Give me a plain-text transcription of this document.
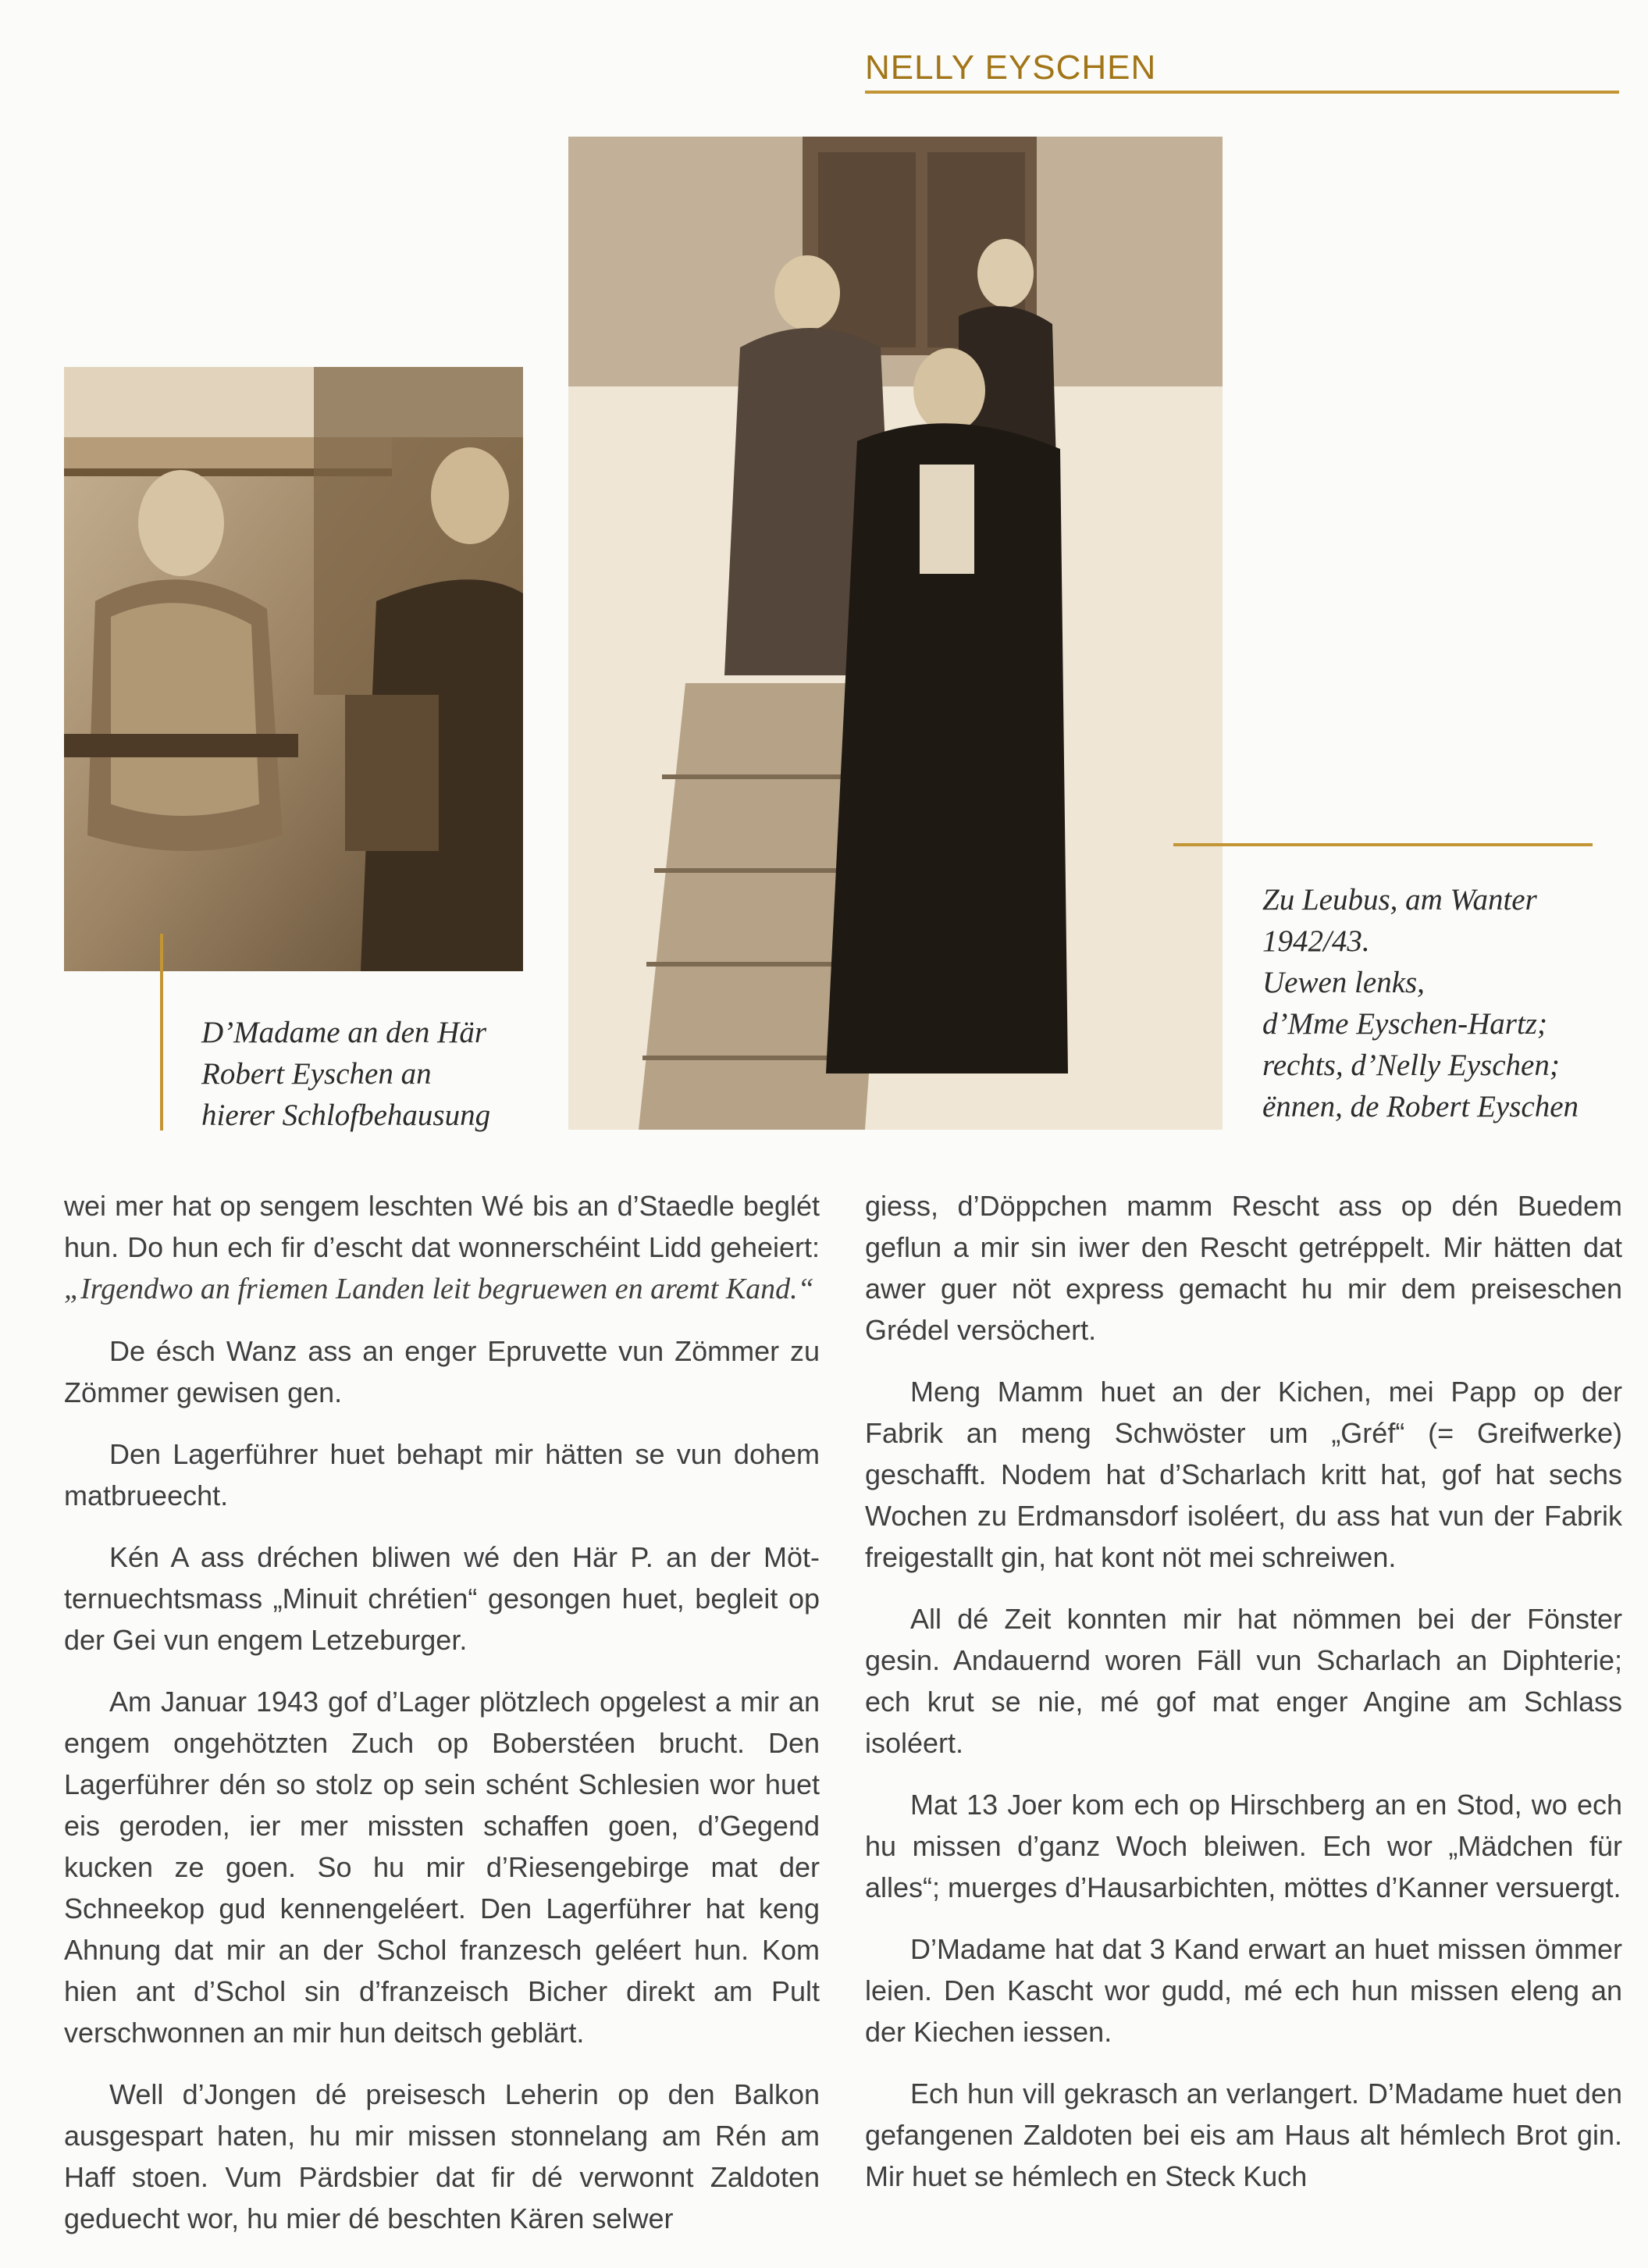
NELLY EYSCHEN
D’Madame an den Här
Robert Eyschen an
hierer Schlofbehausung
Zu Leubus, am Wanter
1942/43.
Uewen lenks,
d’Mme Eyschen-Hartz;
rechts, d’Nelly Eyschen;
ënnen, de Robert Eyschen

wei mer hat op sengem leschten Wé bis an d’Staedle beglét hun. Do hun ech fir d’escht dat wonnerschéint Lidd geheiert: „Irgendwo an friemen Landen leit begruewen en aremt Kand.“

De ésch Wanz ass an enger Epruvette vun Zömmer zu Zömmer gewisen gen.

Den Lagerführer huet behapt mir hätten se vun dohem matbrueecht.

Kén A ass dréchen bliwen wé den Här P. an der Mötternuechtsmass „Minuit chrétien“ gesongen huet, begleit op der Gei vun engem Letzeburger.

Am Januar 1943 gof d’Lager plötzlech opgelest a mir an engem ongehötzten Zuch op Boberstéen brucht. Den Lagerführer dén so stolz op sein schént Schlesien wor huet eis geroden, ier mer missten schaffen goen, d’Gegend kucken ze goen. So hu mir d’Riesengebirge mat der Schneekop gud kennengeléert. Den Lagerführer hat keng Ahnung dat mir an der Schol franzesch geléert hun. Kom hien ant d’Schol sin d’franzeisch Bicher direkt am Pult verschwonnen an mir hun deitsch geblärt.

Well d’Jongen dé preisesch Leherin op den Balkon ausgespart haten, hu mir missen stonnelang am Rén am Haff stoen. Vum Pärdsbier dat fir dé verwonnt Zaldoten geduecht wor, hu mier dé beschten Kären selwer

giess, d’Döppchen mamm Rescht ass op dén Buedem geflun a mir sin iwer den Rescht getréppelt. Mir hätten dat awer guer nöt express gemacht hu mir dem preiseschen Grédel versöchert.

Meng Mamm huet an der Kichen, mei Papp op der Fabrik an meng Schwöster um „Gréf“ (= Greifwerke) geschafft. Nodem hat d’Scharlach kritt hat, gof hat sechs Wochen zu Erdmansdorf isoléert, du ass hat vun der Fabrik freigestallt gin, hat kont nöt mei schreiwen.

All dé Zeit konnten mir hat nömmen bei der Fönster gesin. Andauernd woren Fäll vun Scharlach an Diphterie; ech krut se nie, mé gof mat enger Angine am Schlass isoléert.

Mat 13 Joer kom ech op Hirschberg an en Stod, wo ech hu missen d’ganz Woch bleiwen. Ech wor „Mädchen für alles“; muerges d’Hausarbichten, möttes d’Kanner versuergt.

D’Madame hat dat 3 Kand erwart an huet missen ömmer leien. Den Kascht wor gudd, mé ech hun missen eleng an der Kiechen iessen.

Ech hun vill gekrasch an verlangert. D’Madame huet den gefangenen Zaldoten bei eis am Haus alt hémlech Brot gin. Mir huet se hémlech en Steck Kuch
